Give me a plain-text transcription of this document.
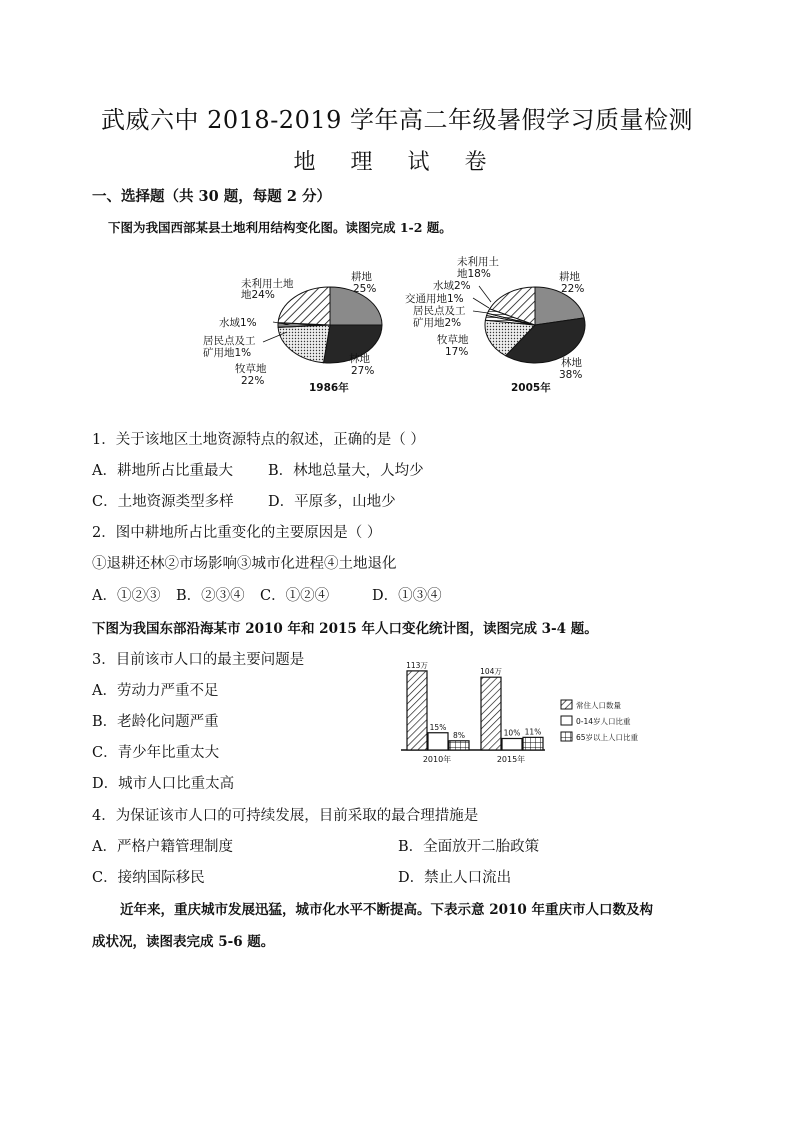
武威六中 2018-2019 学年高二年级暑假学习质量检测
地 理 试 卷
一、选择题（共 30 题，每题 2 分）
下图为我国西部某县土地利用结构变化图。读图完成 1-2 题。
耕地
25%
林地
27%
牧草地
22%
居民点及工
矿用地1%
水域1%
未利用土地
地24%
1986年
耕地
22%
林地
38%
牧草地
17%
居民点及工
矿用地2%
交通用地1%
水域2%
未利用土
地18%
2005年
1．关于该地区土地资源特点的叙述，正确的是（ ）
A．耕地所占比重最大 B．林地总量大，人均少
C．土地资源类型多样 D．平原多，山地少
2．图中耕地所占比重变化的主要原因是（ ）
①退耕还林②市场影响③城市化进程④土地退化
A．①②③ B．②③④ C．①②④	D．①③④
下图为我国东部沿海某市 2010 年和 2015 年人口变化统计图，读图完成 3-4 题。
3．目前该市人口的最主要问题是
A．劳动力严重不足
B．老龄化问题严重
C．青少年比重太大
D．城市人口比重太高
113万
15%
8%
2010年
104万
10% 11%
2015年
常住人口数量
0-14岁人口比重
65岁以上人口比重
4．为保证该市人口的可持续发展，目前采取的最合理措施是
A．严格户籍管理制度	B．全面放开二胎政策
C．接纳国际移民	D．禁止人口流出
近年来，重庆城市发展迅猛，城市化水平不断提高。下表示意 2010 年重庆市人口数及构
成状况，读图表完成 5-6 题。
